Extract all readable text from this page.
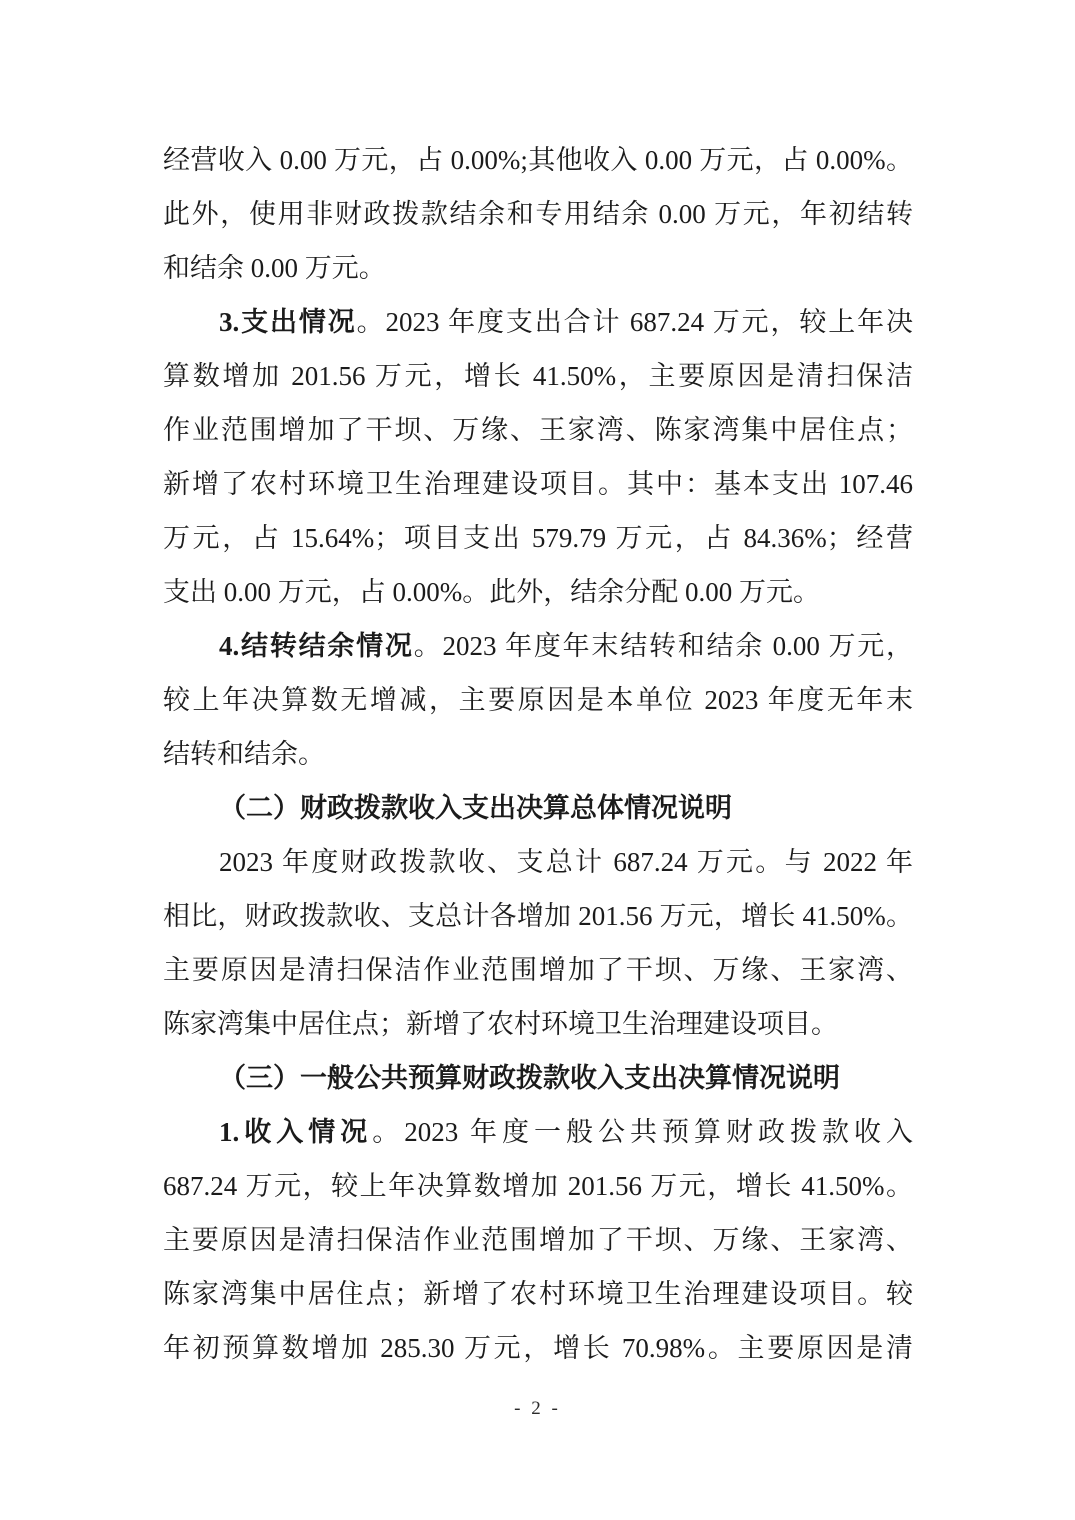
经营收入 0.00 万元，占 0.00%;其他收入 0.00 万元，占 0.00%。
此外，使用非财政拨款结余和专用结余 0.00 万元，年初结转
和结余 0.00 万元。
3.支出情况。2023 年度支出合计 687.24 万元，较上年决
算数增加 201.56 万元，增长 41.50%，主要原因是清扫保洁
作业范围增加了干坝、万缘、王家湾、陈家湾集中居住点；
新增了农村环境卫生治理建设项目。其中：基本支出 107.46
万元，占 15.64%；项目支出 579.79 万元，占 84.36%；经营
支出 0.00 万元，占 0.00%。此外，结余分配 0.00 万元。
4.结转结余情况。2023 年度年末结转和结余 0.00 万元，
较上年决算数无增减，主要原因是本单位 2023 年度无年末
结转和结余。
（二）财政拨款收入支出决算总体情况说明
2023 年度财政拨款收、支总计 687.24 万元。与 2022 年
相比，财政拨款收、支总计各增加 201.56 万元，增长 41.50%。
主要原因是清扫保洁作业范围增加了干坝、万缘、王家湾、
陈家湾集中居住点；新增了农村环境卫生治理建设项目。
（三）一般公共预算财政拨款收入支出决算情况说明
1.收入情况。2023 年度一般公共预算财政拨款收入
687.24 万元，较上年决算数增加 201.56 万元，增长 41.50%。
主要原因是清扫保洁作业范围增加了干坝、万缘、王家湾、
陈家湾集中居住点；新增了农村环境卫生治理建设项目。较
年初预算数增加 285.30 万元，增长 70.98%。主要原因是清
- 2 -
